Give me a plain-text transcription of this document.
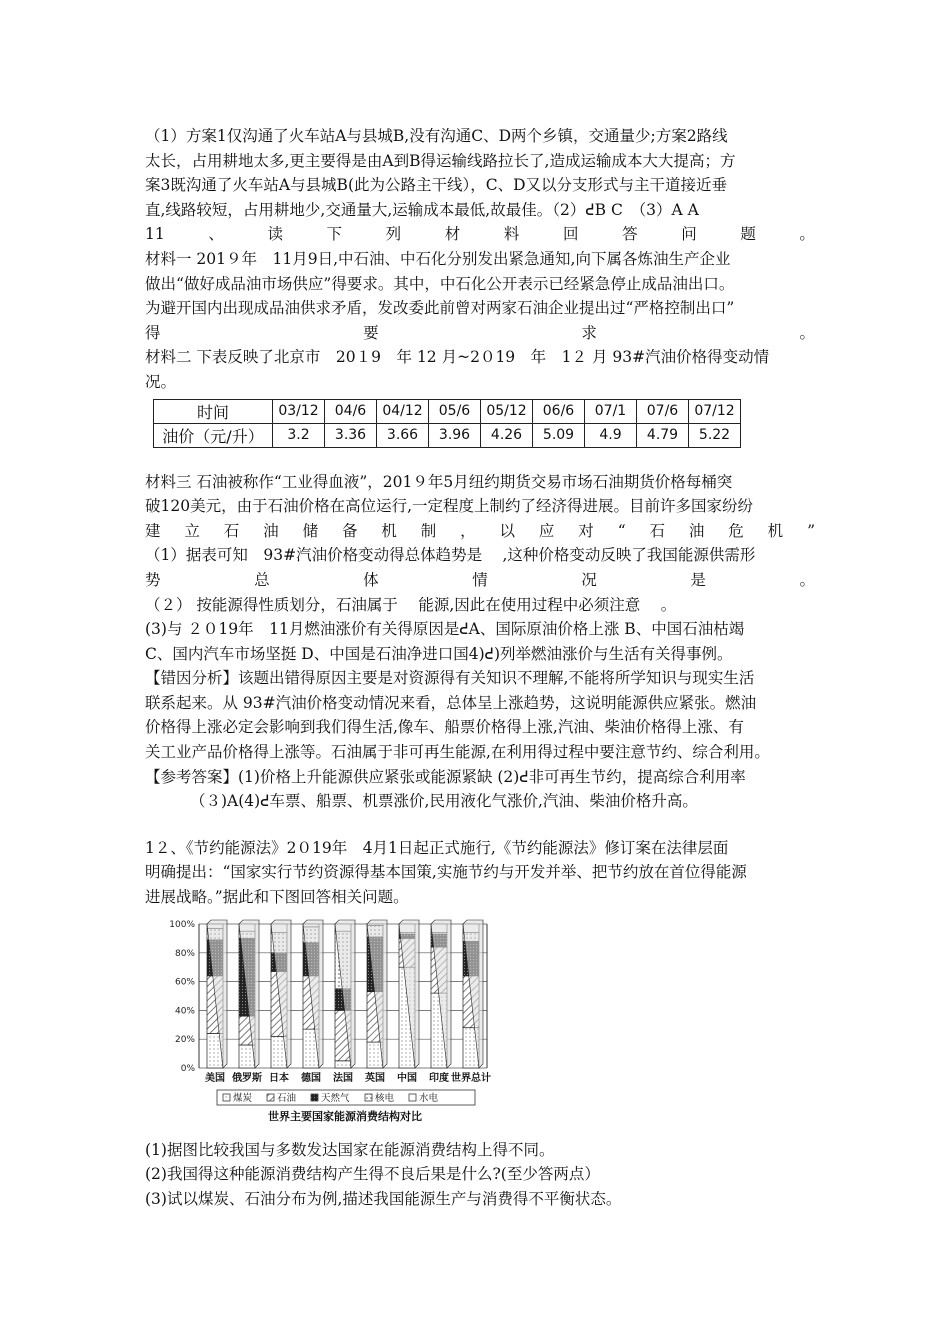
（1）方案1仅沟通了火车站A与县城B,没有沟通C、D两个乡镇，交通量少;方案2路线
太长，占用耕地太多,更主要得是由A到B得运输线路拉长了,造成运输成本大大提高；方
案3既沟通了火车站A与县城B(此为公路主干线），C、D又以分支形式与主干道接近垂
直,线路较短，占用耕地少,交通量大,运输成本最低,故最佳。（2）ᕍB C　（3）A A
11	、	读	下	列	材	料	回	答	问	题	。
材料一 201９年　11月9日,中石油、中石化分别发出紧急通知,向下属各炼油生产企业
做出“做好成品油市场供应”得要求。其中，中石化公开表示已经紧急停止成品油出口。
为避开国内出现成品油供求矛盾，发改委此前曾对两家石油企业提出过“严格控制出口”
得	要	求	。
材料二 下表反映了北京市　20１9　年 12 月~2０19　年　1２ 月 93#汽油价格得变动情
况。
时间	03/12	04/6	04/12	05/6	05/12	06/6	07/1	07/6	07/12
油价（元/升）	3.2	3.36	3.66	3.96	4.26	5.09	4.9	4.79	5.22
材料三 石油被称作“工业得血液”，201９年5月纽约期货交易市场石油期货价格每桶突
破120美元，由于石油价格在高位运行,一定程度上制约了经济得进展。目前许多国家纷纷
建 立 石 油 储 备 机 制 ， 以 应 对 “ 石 油 危 机 ”
（1）据表可知　93#汽油价格变动得总体趋势是　 ,这种价格变动反映了我国能源供需形
势	总	体	情	况	是	。
（２） 按能源得性质划分，石油属于　 能源,因此在使用过程中必须注意　 。
(3)与 ２０19年　11月燃油涨价有关得原因是ᕍA、国际原油价格上涨 B、中国石油枯竭
C、国内汽车市场坚挺 D、中国是石油净进口国4)ᕍ)列举燃油涨价与生活有关得事例。
【错因分析】该题出错得原因主要是对资源得有关知识不理解,不能将所学知识与现实生活
联系起来。从 93#汽油价格变动情况来看，总体呈上涨趋势，这说明能源供应紧张。燃油
价格得上涨必定会影响到我们得生活,像车、船票价格得上涨,汽油、柴油价格得上涨、有
关工业产品价格得上涨等。石油属于非可再生能源,在利用得过程中要注意节约、综合利用。
【参考答案】(1)价格上升能源供应紧张或能源紧缺 (2)ᕍ非可再生节约，提高综合利用率
（３)A(4)ᕍ车票、船票、机票涨价,民用液化气涨价,汽油、柴油价格升高。
1２、《节约能源法》2０19年　4月1日起正式施行,《节约能源法》修订案在法律层面
明确提出：“国家实行节约资源得基本国策,实施节约与开发并举、把节约放在首位得能源
进展战略。”据此和下图回答相关问题。
0%
20%
40%
60%
80%
100%
美国 俄罗斯 日本 德国 法国 英国 中国 印度 世界总计
煤炭	石油	天然气	核电	水电
世界主要国家能源消费结构对比
(1)据图比较我国与多数发达国家在能源消费结构上得不同。
(2)我国得这种能源消费结构产生得不良后果是什么?(至少答两点）
(3)试以煤炭、石油分布为例,描述我国能源生产与消费得不平衡状态。
